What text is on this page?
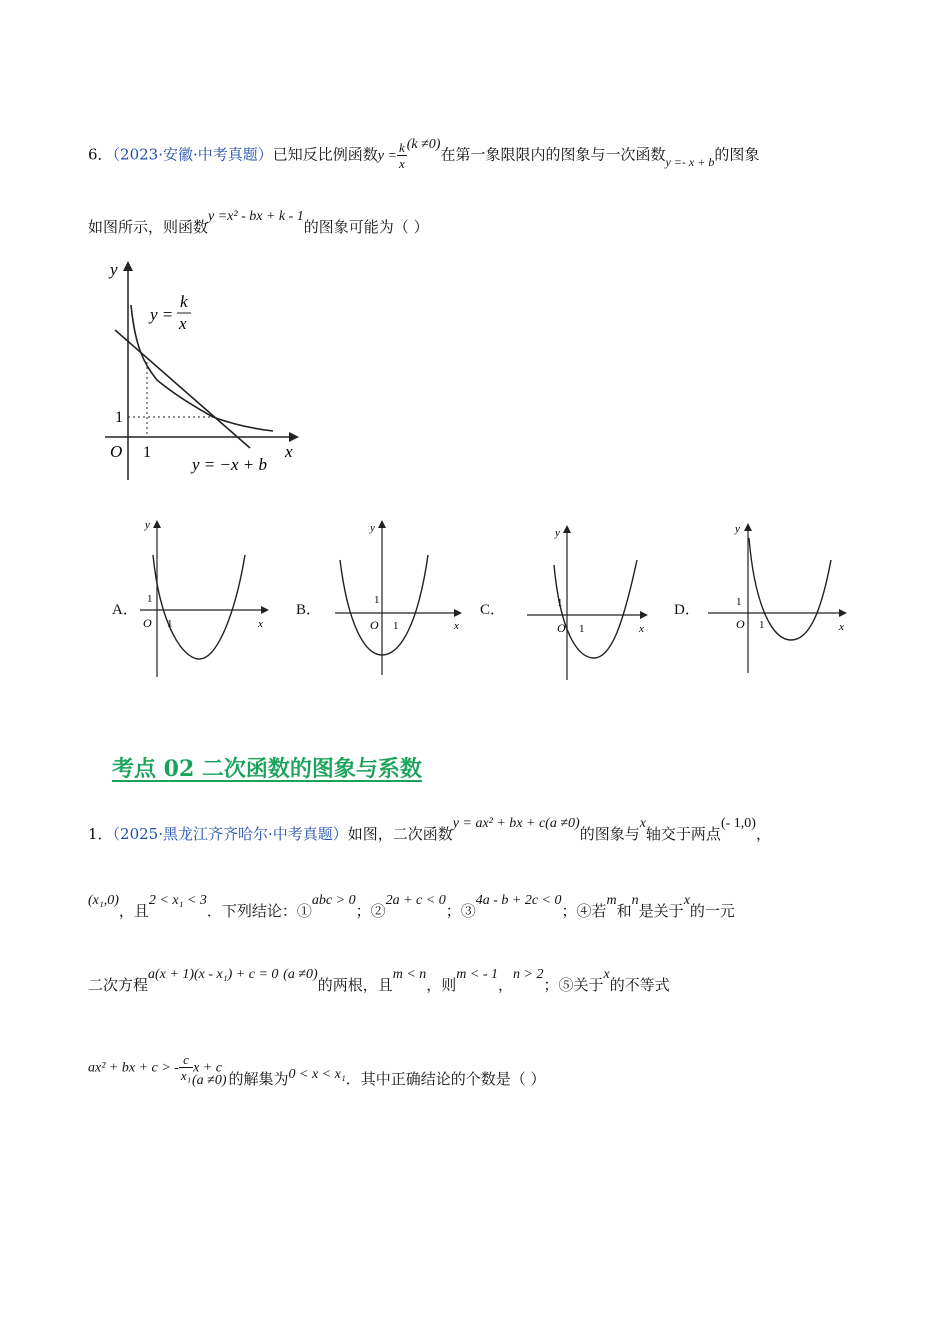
6．（2023·安徽·中考真题）已知反比例函数$y = \frac{k}{x} (k \ne 0)$在第一象限限内的图象与一次函数$_{y =- x + b}$的图象
如图所示，则函数y =x² - bx + k - 1的图象可能为（ ）
y
x
O 1
1
y =
k
x
y = −x + b
A．
y
x
O 1
1
B．
y
x
O 1
1
C．
y
x
O 1
1	D．
y
x
O 1
1
考点 02 二次函数的图象与系数
1．（2025·黑龙江齐齐哈尔·中考真题）如图，二次函数y = ax² + bx + c(a ≠0)的图象与x轴交于两点(- 1,0)，
(x₁,0)，且2 < x₁ < 3．下列结论：①abc > 0；②2a + c < 0；③4a - b + 2c < 0；④若m和n是关于x的一元
二次方程a(x + 1)(x - x₁) + c = 0 (a ≠0)的两根，且m < n，则m < - 1，n > 2；⑤关于x的不等式
ax² + bx + c > - $\frac{c}{\text{x₁}}$ x + c(a ≠0) 的解集为0 < x < x₁．其中正确结论的个数是（ ）
